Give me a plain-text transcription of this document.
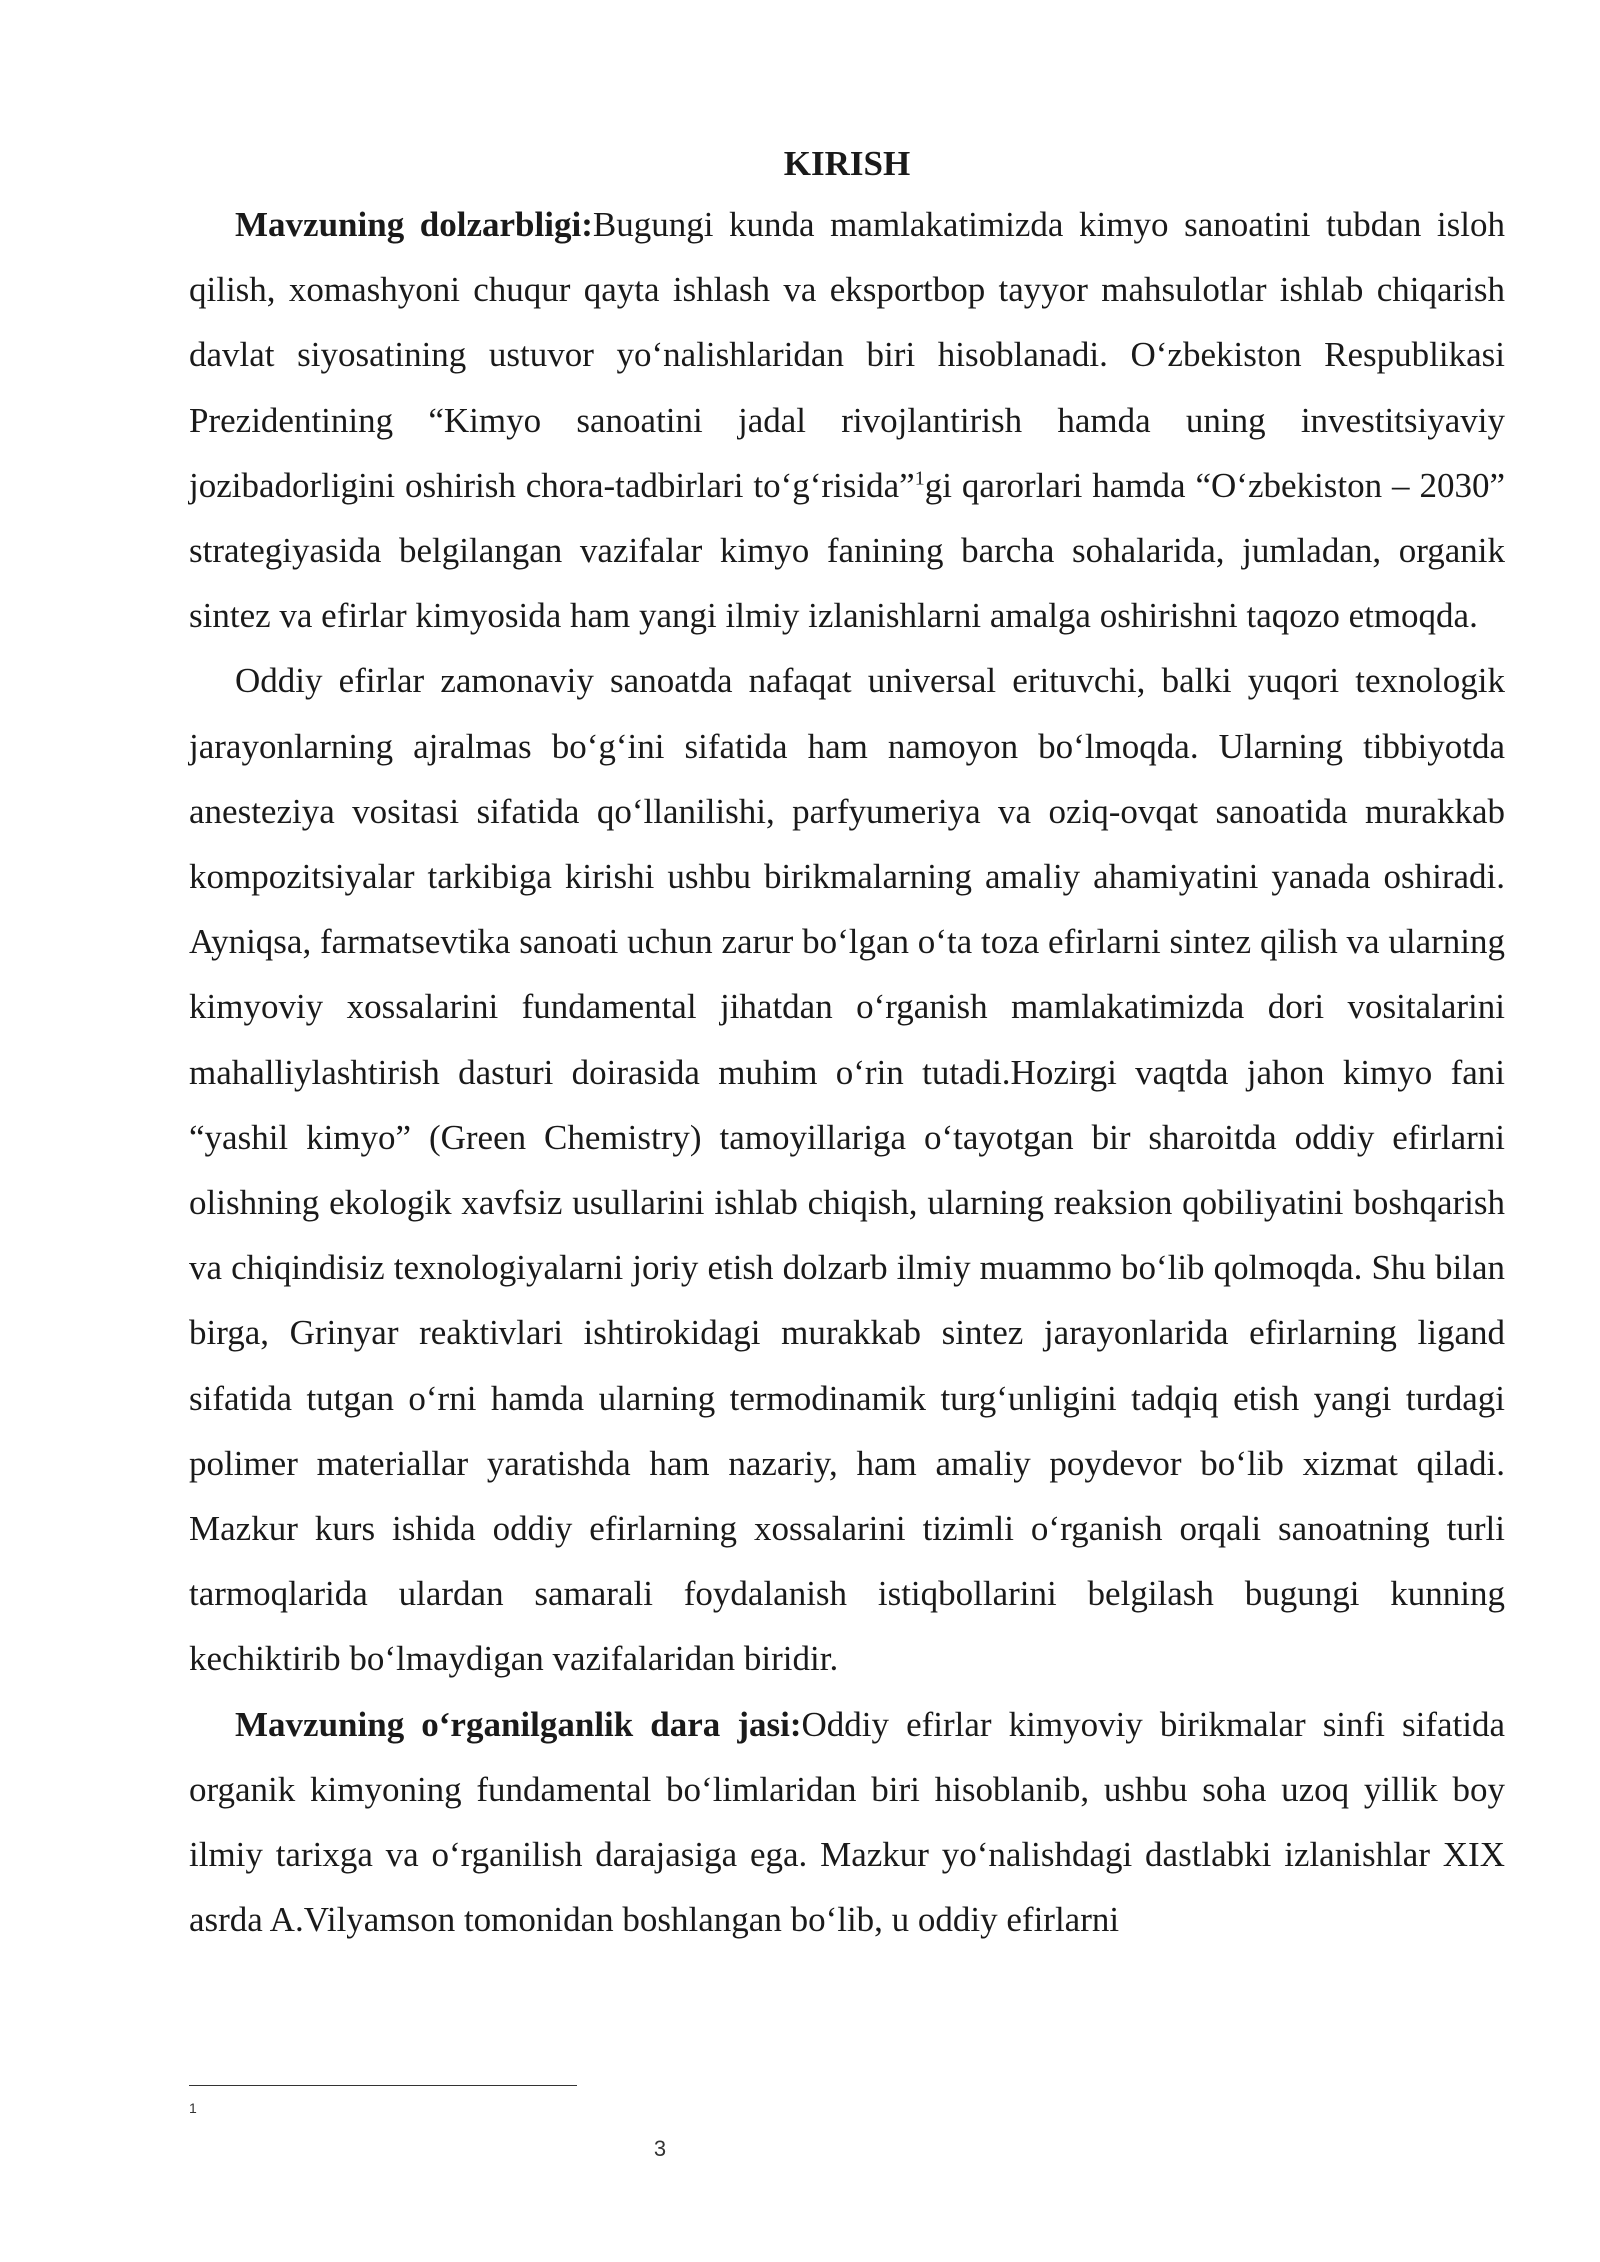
KIRISH

Mavzuning dolzarbligi:Bugungi kunda mamlakatimizda kimyo sanoatini tubdan isloh qilish, xomashyoni chuqur qayta ishlash va eksportbop tayyor mahsulotlar ishlab chiqarish davlat siyosatining ustuvor yo‘nalishlaridan biri hisoblanadi. O‘zbekiston Respublikasi Prezidentining “Kimyo sanoatini jadal rivojlantirish hamda uning investitsiyaviy jozibadorligini oshirish chora-tadbirlari to‘g‘risida”$^1$gi qarorlari hamda “O‘zbekiston – 2030” strategiyasida belgilangan vazifalar kimyo fanining barcha sohalarida, jumladan, organik sintez va efirlar kimyosida ham yangi ilmiy izlanishlarni amalga oshirishni taqozo etmoqda.

Oddiy efirlar zamonaviy sanoatda nafaqat universal erituvchi, balki yuqori texnologik jarayonlarning ajralmas bo‘g‘ini sifatida ham namoyon bo‘lmoqda. Ularning tibbiyotda anesteziya vositasi sifatida qo‘llanilishi, parfyumeriya va oziq-ovqat sanoatida murakkab kompozitsiyalar tarkibiga kirishi ushbu birikmalarning amaliy ahamiyatini yanada oshiradi. Ayniqsa, farmatsevtika sanoati uchun zarur bo‘lgan o‘ta toza efirlarni sintez qilish va ularning kimyoviy xossalarini fundamental jihatdan o‘rganish mamlakatimizda dori vositalarini mahalliylashtirish dasturi doirasida muhim o‘rin tutadi.Hozirgi vaqtda jahon kimyo fani “yashil kimyo” (Green Chemistry) tamoyillariga o‘tayotgan bir sharoitda oddiy efirlarni olishning ekologik xavfsiz usullarini ishlab chiqish, ularning reaksion qobiliyatini boshqarish va chiqindisiz texnologiyalarni joriy etish dolzarb ilmiy muammo bo‘lib qolmoqda. Shu bilan birga, Grinyar reaktivlari ishtirokidagi murakkab sintez jarayonlarida efirlarning ligand sifatida tutgan o‘rni hamda ularning termodinamik turg‘unligini tadqiq etish yangi turdagi polimer materiallar yaratishda ham nazariy, ham amaliy poydevor bo‘lib xizmat qiladi. Mazkur kurs ishida oddiy efirlarning xossalarini tizimli o‘rganish orqali sanoatning turli tarmoqlarida ulardan samarali foydalanish istiqbollarini belgilash bugungi kunning kechiktirib bo‘lmaydigan vazifalaridan biridir.

Mavzuning o‘rganilganlik dara jasi:Oddiy efirlar kimyoviy birikmalar sinfi sifatida organik kimyoning fundamental bo‘limlaridan biri hisoblanib, ushbu soha uzoq yillik boy ilmiy tarixga va o‘rganilish darajasiga ega. Mazkur yo‘nalishdagi dastlabki izlanishlar XIX asrda A.Vilyamson tomonidan boshlangan bo‘lib, u oddiy efirlarni

1
3
